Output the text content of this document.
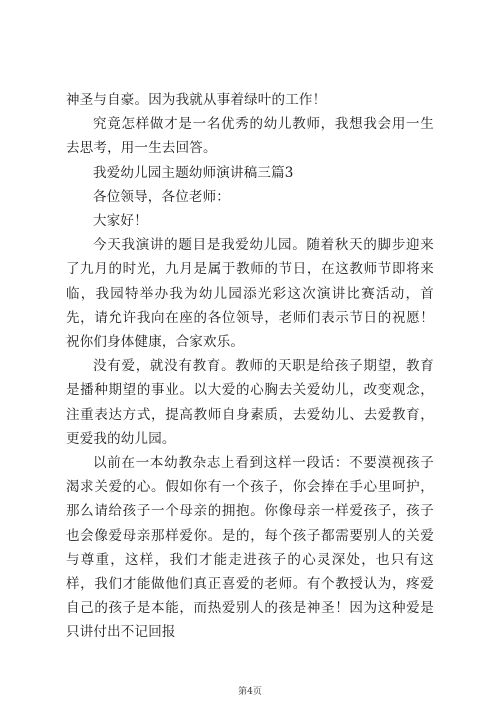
神圣与自豪。因为我就从事着绿叶的工作！

究竟怎样做才是一名优秀的幼儿教师，我想我会用一生去思考，用一生去回答。

我爱幼儿园主题幼师演讲稿三篇3

各位领导，各位老师：

大家好！

今天我演讲的题目是我爱幼儿园。随着秋天的脚步迎来了九月的时光，九月是属于教师的节日，在这教师节即将来临，我园特举办我为幼儿园添光彩这次演讲比赛活动，首先，请允许我向在座的各位领导，老师们表示节日的祝愿！祝你们身体健康，合家欢乐。

没有爱，就没有教育。教师的天职是给孩子期望，教育是播种期望的事业。以大爱的心胸去关爱幼儿，改变观念，注重表达方式，提高教师自身素质，去爱幼儿、去爱教育，更爱我的幼儿园。

以前在一本幼教杂志上看到这样一段话：不要漠视孩子渴求关爱的心。假如你有一个孩子，你会捧在手心里呵护，那么请给孩子一个母亲的拥抱。你像母亲一样爱孩子，孩子也会像爱母亲那样爱你。是的，每个孩子都需要别人的关爱与尊重，这样，我们才能走进孩子的心灵深处，也只有这样，我们才能做他们真正喜爱的老师。有个教授认为，疼爱自己的孩子是本能，而热爱别人的孩是神圣！因为这种爱是只讲付出不记回报

第4页
